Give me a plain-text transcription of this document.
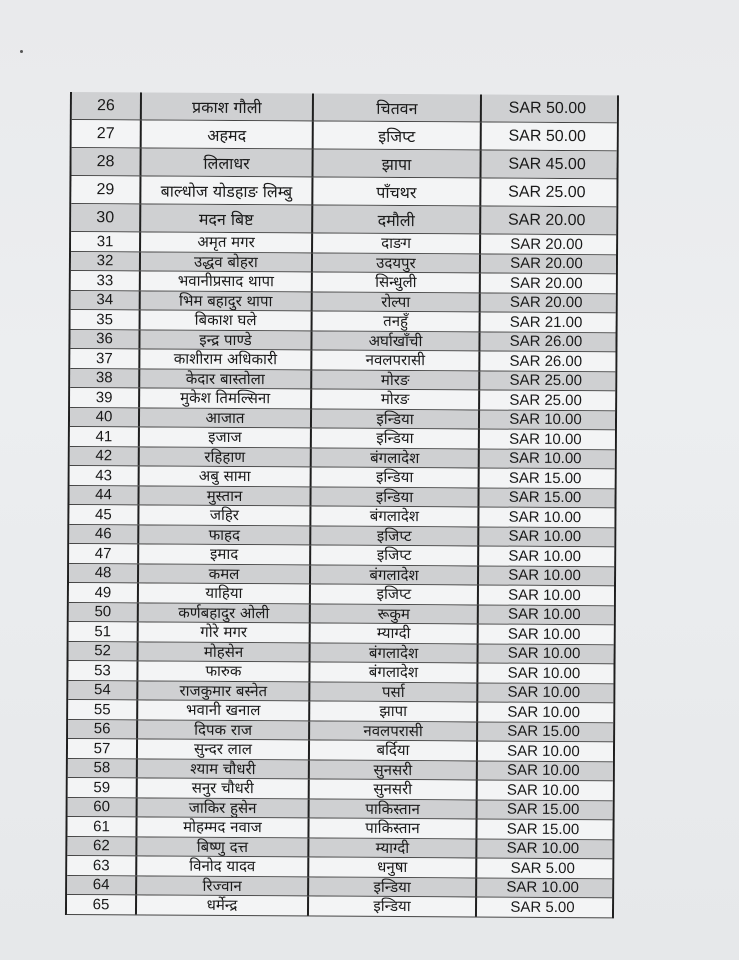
26	प्रकाश गौली	चितवन	SAR 50.00
27	अहमद	इजिप्ट	SAR 50.00
28	लिलाधर	झापा	SAR 45.00
29	बाल्धोज योडहाङ लिम्बु	पाँचथर	SAR 25.00
30	मदन बिष्ट	दमौली	SAR 20.00
31	अमृत मगर	दाङग	SAR 20.00
32	उद्धव बोहरा	उदयपुर	SAR 20.00
33	भवानीप्रसाद थापा	सिन्धुली	SAR 20.00
34	भिम बहादुर थापा	रोल्पा	SAR 20.00
35	बिकाश घले	तनहुँ	SAR 21.00
36	इन्द्र पाण्डे	अर्घाखाँची	SAR 26.00
37	काशीराम अधिकारी	नवलपरासी	SAR 26.00
38	केदार बास्तोला	मोरङ	SAR 25.00
39	मुकेश तिमल्सिना	मोरङ	SAR 25.00
40	आजात	इन्डिया	SAR 10.00
41	इजाज	इन्डिया	SAR 10.00
42	रहिहाण	बंगलादेश	SAR 10.00
43	अबु सामा	इन्डिया	SAR 15.00
44	मुस्तान	इन्डिया	SAR 15.00
45	जहिर	बंगलादेश	SAR 10.00
46	फाहद	इजिप्ट	SAR 10.00
47	इमाद	इजिप्ट	SAR 10.00
48	कमल	बंगलादेश	SAR 10.00
49	याहिया	इजिप्ट	SAR 10.00
50	कर्णबहादुर ओली	रूकुम	SAR 10.00
51	गोरे मगर	म्याग्दी	SAR 10.00
52	मोहसेन	बंगलादेश	SAR 10.00
53	फारुक	बंगलादेश	SAR 10.00
54	राजकुमार बस्नेत	पर्सा	SAR 10.00
55	भवानी खनाल	झापा	SAR 10.00
56	दिपक राज	नवलपरासी	SAR 15.00
57	सुन्दर लाल	बर्दिया	SAR 10.00
58	श्याम चौधरी	सुनसरी	SAR 10.00
59	सनुर चौधरी	सुनसरी	SAR 10.00
60	जाकिर हुसेन	पाकिस्तान	SAR 15.00
61	मोहम्मद नवाज	पाकिस्तान	SAR 15.00
62	बिष्णु दत्त	म्याग्दी	SAR 10.00
63	विनोद यादव	धनुषा	SAR 5.00
64	रिज्वान	इन्डिया	SAR 10.00
65	धर्मेन्द्र	इन्डिया	SAR 5.00
